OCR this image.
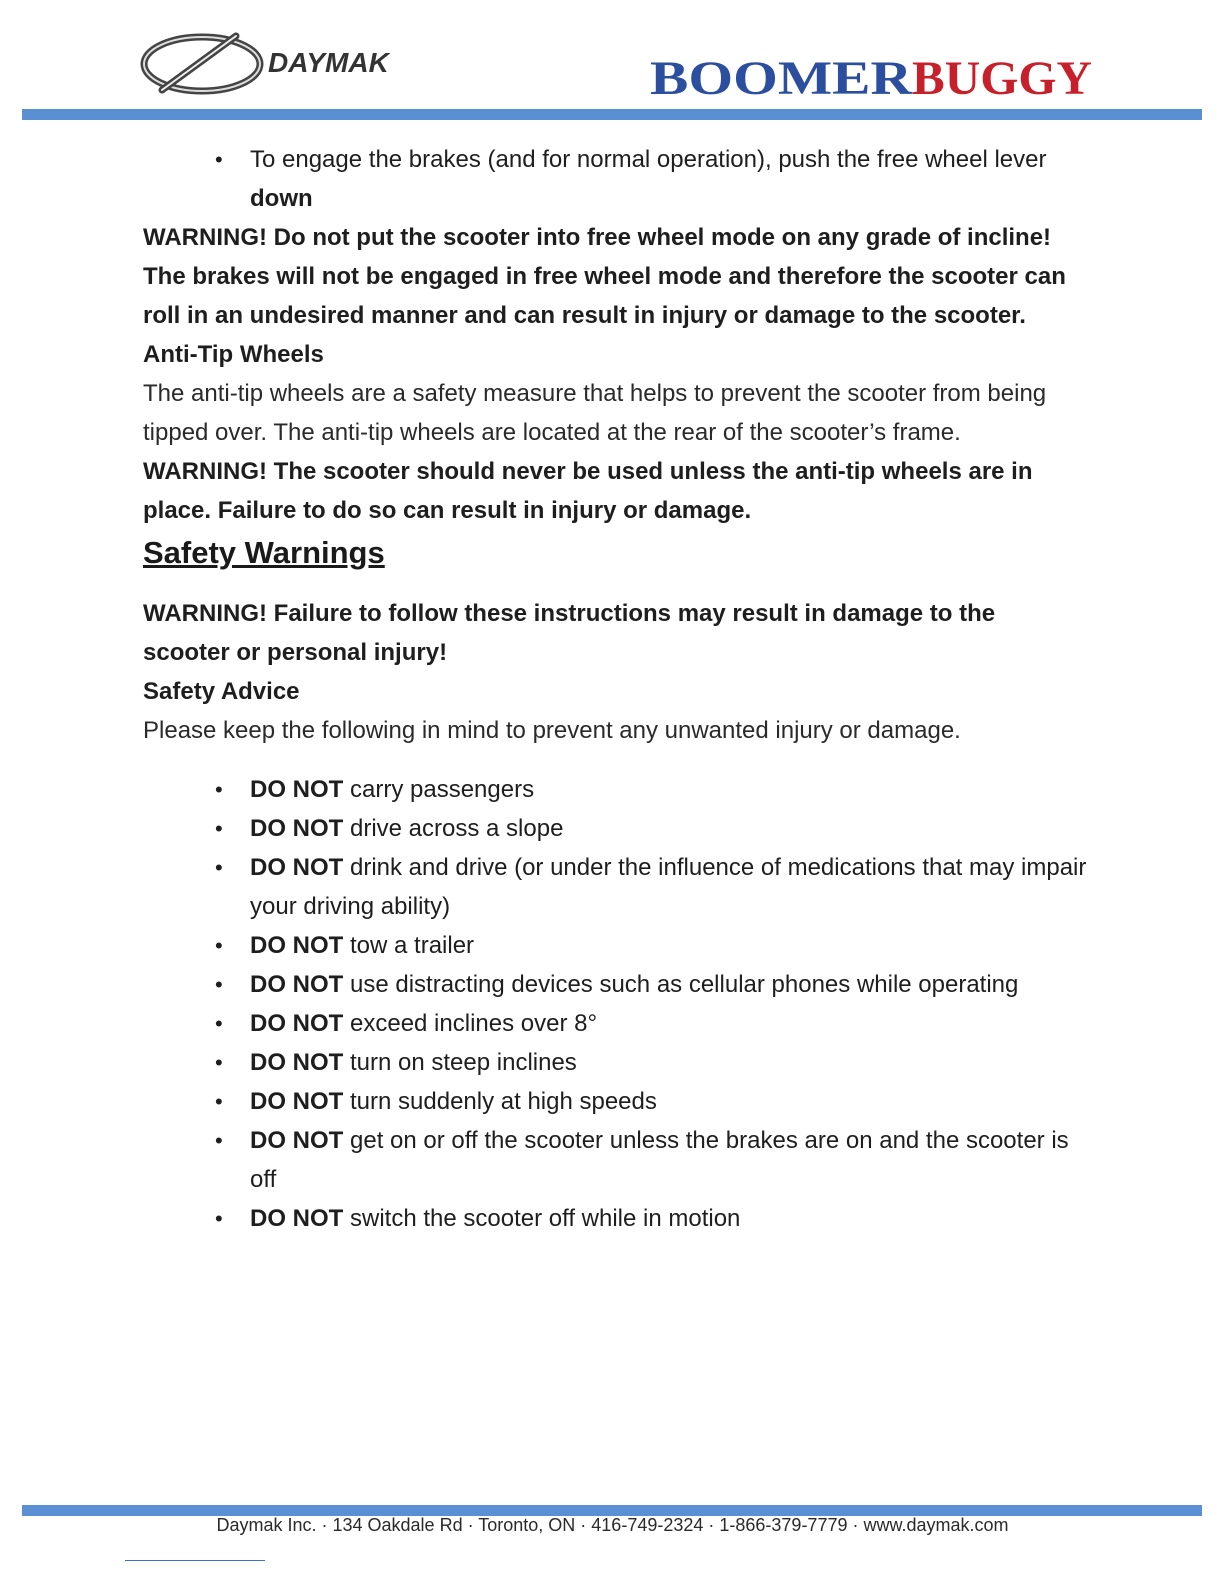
DAYMAK	BOOMER
BUGGY
• To engage the brakes (and for normal operation), push the free wheel lever down

WARNING! Do not put the scooter into free wheel mode on any grade of incline! The brakes will not be engaged in free wheel mode and therefore the scooter can roll in an undesired manner and can result in injury or damage to the scooter.

Anti-Tip Wheels

The anti-tip wheels are a safety measure that helps to prevent the scooter from being tipped over. The anti-tip wheels are located at the rear of the scooter’s frame.

WARNING! The scooter should never be used unless the anti-tip wheels are in place. Failure to do so can result in injury or damage.

Safety Warnings

WARNING! Failure to follow these instructions may result in damage to the scooter or personal injury!

Safety Advice

Please keep the following in mind to prevent any unwanted injury or damage.

• DO NOT carry passengers
• DO NOT drive across a slope
• DO NOT drink and drive (or under the influence of medications that may impair your driving ability)
• DO NOT tow a trailer
• DO NOT use distracting devices such as cellular phones while operating
• DO NOT exceed inclines over 8°
• DO NOT turn on steep inclines
• DO NOT turn suddenly at high speeds
• DO NOT get on or off the scooter unless the brakes are on and the scooter is off
• DO NOT switch the scooter off while in motion
Daymak Inc. · 134 Oakdale Rd · Toronto, ON · 416-749-2324 · 1-866-379-7779 · www.daymak.com
